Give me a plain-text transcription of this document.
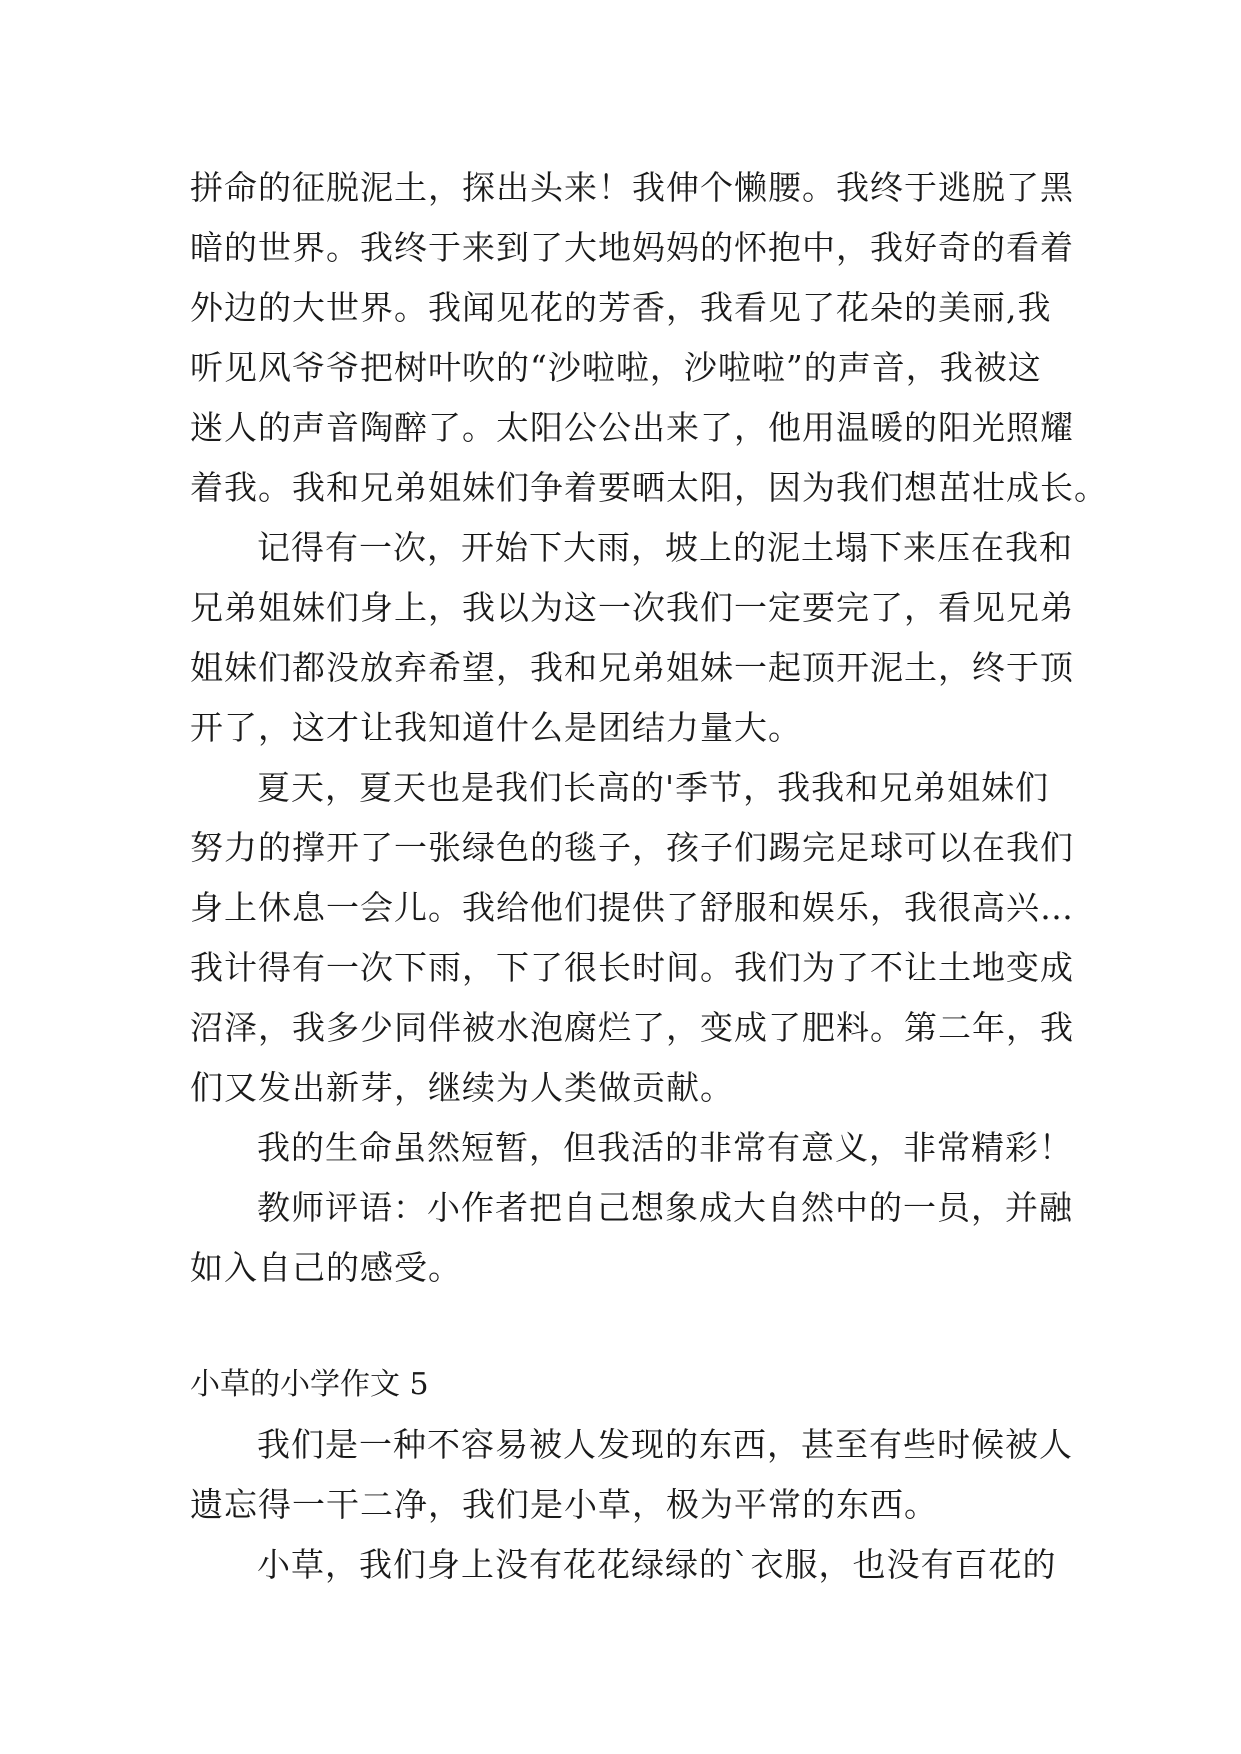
拼命的征脱泥土，探出头来！我伸个懒腰。我终于逃脱了黑
暗的世界。我终于来到了大地妈妈的怀抱中，我好奇的看着
外边的大世界。我闻见花的芳香，我看见了花朵的美丽,我
听见风爷爷把树叶吹的“沙啦啦，沙啦啦”的声音，我被这
迷人的声音陶醉了。太阳公公出来了，他用温暖的阳光照耀
着我。我和兄弟姐妹们争着要晒太阳，因为我们想茁壮成长。
记得有一次，开始下大雨，坡上的泥土塌下来压在我和
兄弟姐妹们身上，我以为这一次我们一定要完了，看见兄弟
姐妹们都没放弃希望，我和兄弟姐妹一起顶开泥土，终于顶
开了，这才让我知道什么是团结力量大。
夏天，夏天也是我们长高的'季节，我我和兄弟姐妹们
努力的撑开了一张绿色的毯子，孩子们踢完足球可以在我们
身上休息一会儿。我给他们提供了舒服和娱乐，我很高兴…
我计得有一次下雨，下了很长时间。我们为了不让土地变成
沼泽，我多少同伴被水泡腐烂了，变成了肥料。第二年，我
们又发出新芽，继续为人类做贡献。
我的生命虽然短暂，但我活的非常有意义，非常精彩！
教师评语：小作者把自己想象成大自然中的一员，并融
如入自己的感受。
小草的小学作文 5
我们是一种不容易被人发现的东西，甚至有些时候被人
遗忘得一干二净，我们是小草，极为平常的东西。
小草，我们身上没有花花绿绿的`衣服，也没有百花的
